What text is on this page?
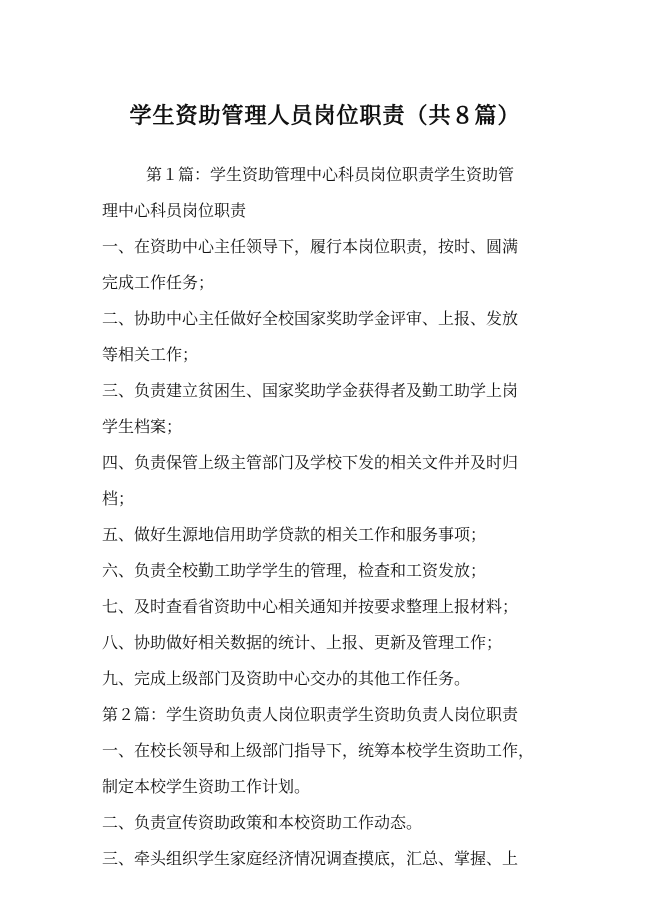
学生资助管理人员岗位职责（共８篇）

第１篇：学生资助管理中心科员岗位职责学生资助管

理中心科员岗位职责

一、在资助中心主任领导下，履行本岗位职责，按时、圆满

完成工作任务；

二、协助中心主任做好全校国家奖助学金评审、上报、发放

等相关工作；

三、负责建立贫困生、国家奖助学金获得者及勤工助学上岗

学生档案；

四、负责保管上级主管部门及学校下发的相关文件并及时归

档；

五、做好生源地信用助学贷款的相关工作和服务事项；

六、负责全校勤工助学学生的管理，检查和工资发放；

七、及时查看省资助中心相关通知并按要求整理上报材料；

八、协助做好相关数据的统计、上报、更新及管理工作；

九、完成上级部门及资助中心交办的其他工作任务。

第２篇：学生资助负责人岗位职责学生资助负责人岗位职责

一、在校长领导和上级部门指导下，统筹本校学生资助工作，

制定本校学生资助工作计划。

二、负责宣传资助政策和本校资助工作动态。

三、牵头组织学生家庭经济情况调查摸底，汇总、掌握、上
